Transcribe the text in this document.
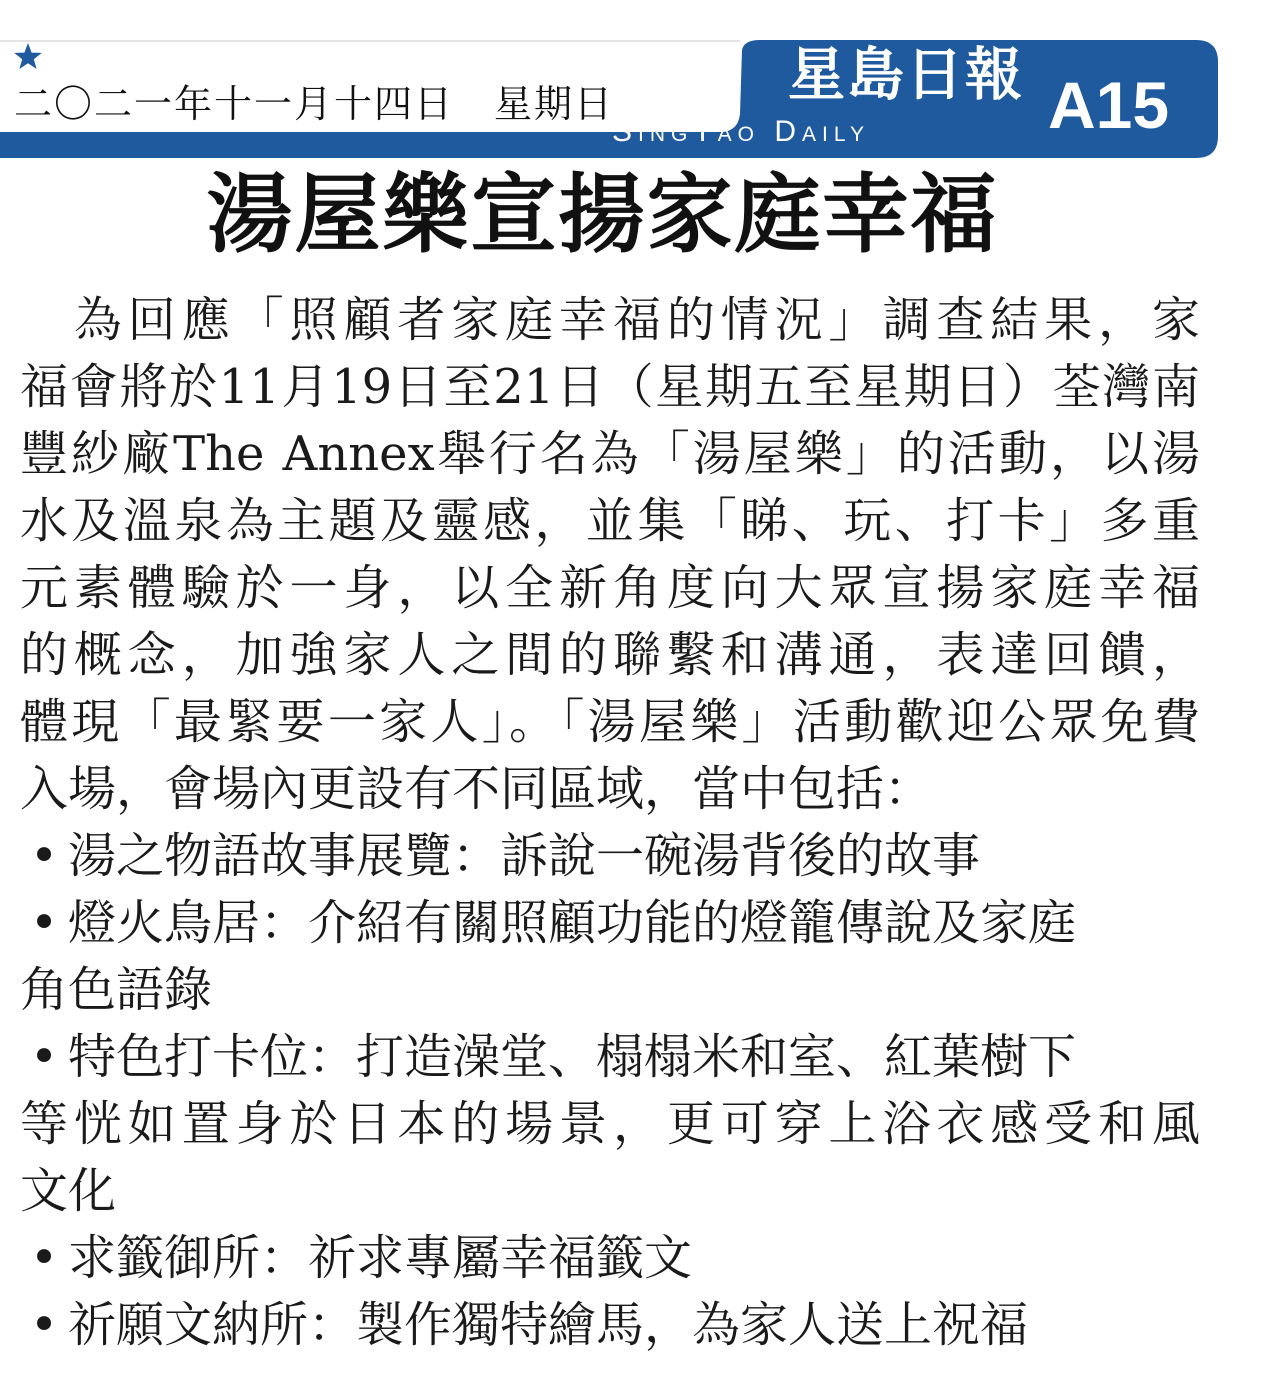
二〇二一年十一月十四日　星期日	星島日報
SingTao Daily	A15
湯屋樂宣揚家庭幸福
　為回應「照顧者家庭幸福的情況」調查結果，家
福會將於11月19日至21日（星期五至星期日）荃灣南
豐紗廠The Annex舉行名為「湯屋樂」的活動，以湯
水及溫泉為主題及靈感，並集「睇、玩、打卡」多重
元素體驗於一身，以全新角度向大眾宣揚家庭幸福
的概念，加強家人之間的聯繫和溝通，表達回饋，
體現「最緊要一家人」。「湯屋樂」活動歡迎公眾免費
入場，會場內更設有不同區域，當中包括：
• 湯之物語故事展覽：訴說一碗湯背後的故事
• 燈火鳥居：介紹有關照顧功能的燈籠傳說及家庭
角色語錄
• 特色打卡位：打造澡堂、榻榻米和室、紅葉樹下
等恍如置身於日本的場景，更可穿上浴衣感受和風
文化
• 求籤御所：祈求專屬幸福籤文
• 祈願文納所：製作獨特繪馬，為家人送上祝福
